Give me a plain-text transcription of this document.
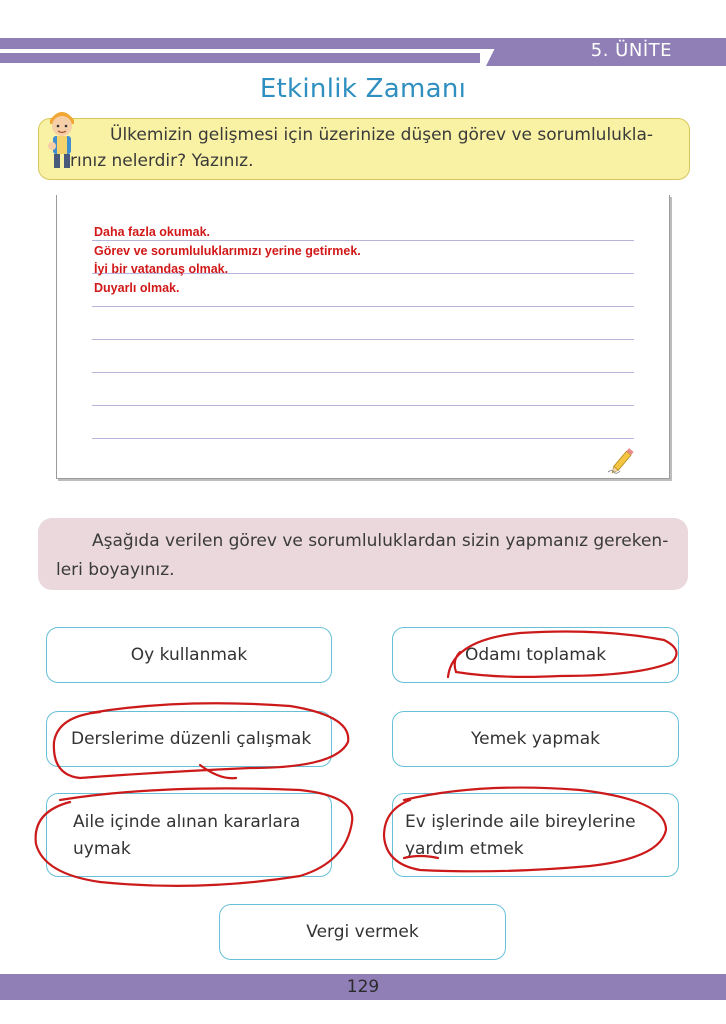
5. ÜNİTE
Etkinlik Zamanı
Ülkemizin gelişmesi için üzerinize düşen görev ve sorumlulukla-rınız nelerdir? Yazınız.
Daha fazla okumak.
Görev ve sorumluluklarımızı yerine getirmek.
İyi bir vatandaş olmak.
Duyarlı olmak.
Aşağıda verilen görev ve sorumluluklardan sizin yapmanız gereken-leri boyayınız.
Oy kullanmak	Odamı toplamak
Derslerime düzenli çalışmak	Yemek yapmak
Aile içinde alınan kararlara uymak
Ev işlerinde aile bireylerine yardım etmek
Vergi vermek
129
